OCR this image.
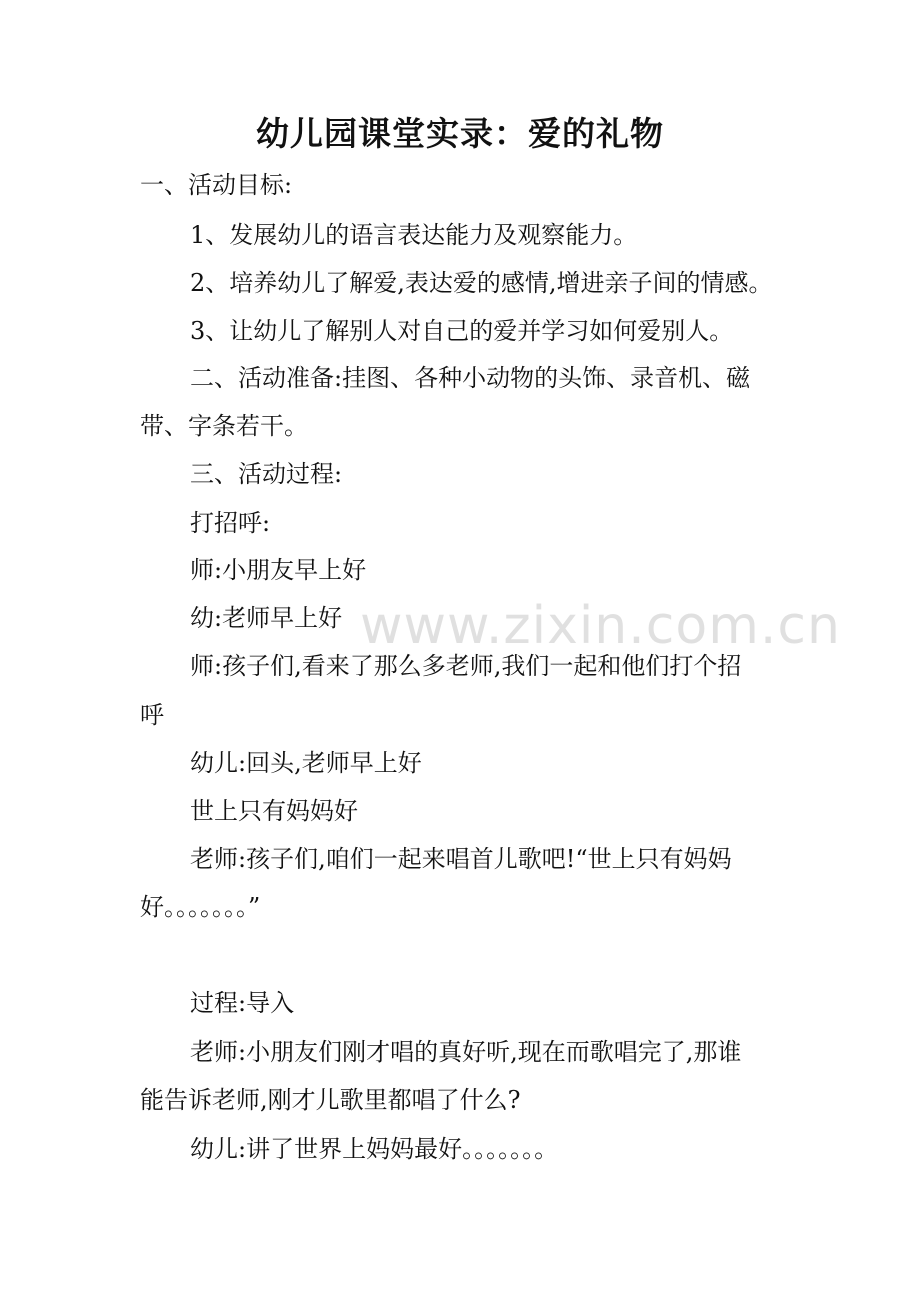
www.zixin.com.cn
幼儿园课堂实录：爱的礼物
一、活动目标:
1、发展幼儿的语言表达能力及观察能力。
2、培养幼儿了解爱,表达爱的感情,增进亲子间的情感。
3、让幼儿了解别人对自己的爱并学习如何爱别人。
二、活动准备:挂图、各种小动物的头饰、录音机、磁
带、字条若干。
三、活动过程:
打招呼:
师:小朋友早上好
幼:老师早上好
师:孩子们,看来了那么多老师,我们一起和他们打个招
呼
幼儿:回头,老师早上好
世上只有妈妈好
老师:孩子们,咱们一起来唱首儿歌吧!“世上只有妈妈
好。。。。。。。”
过程:导入
老师:小朋友们刚才唱的真好听,现在而歌唱完了,那谁
能告诉老师,刚才儿歌里都唱了什么?
幼儿:讲了世界上妈妈最好。。。。。。。
